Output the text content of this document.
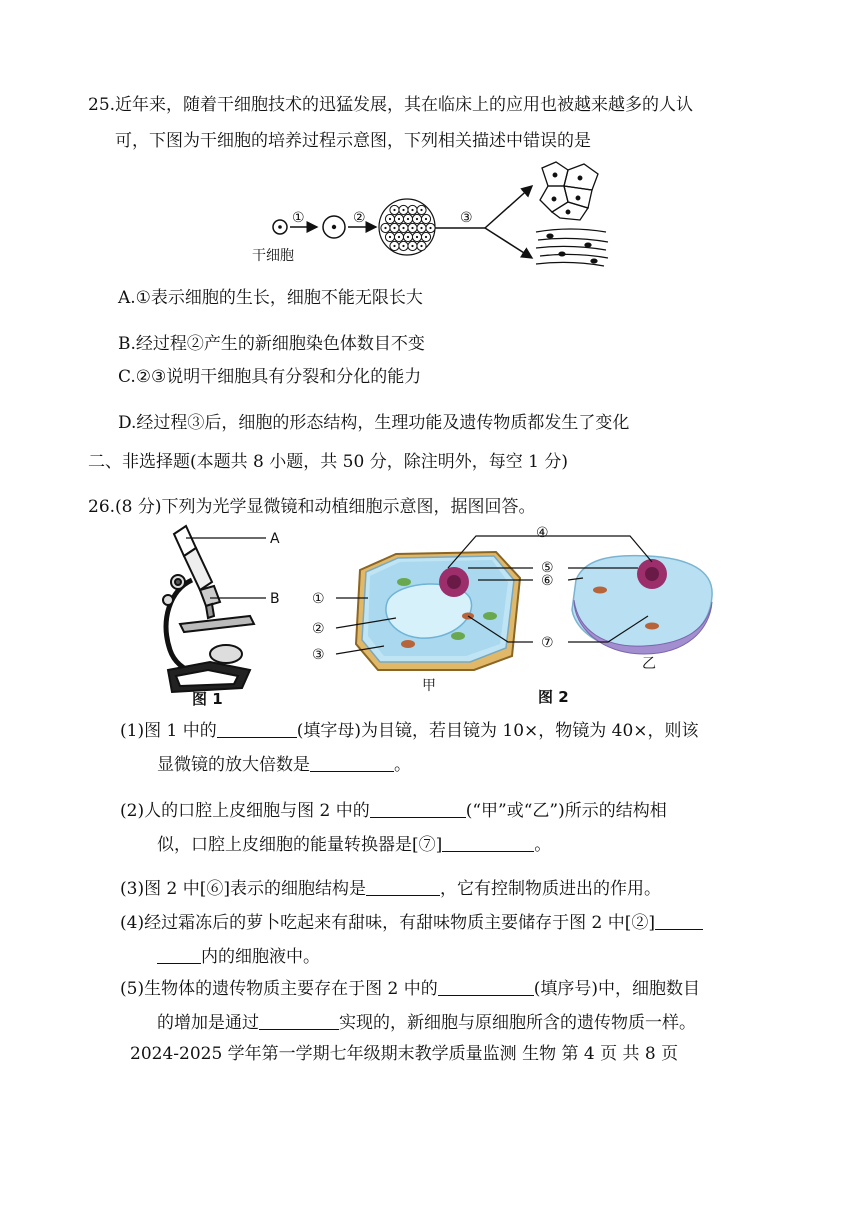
25.近年来，随着干细胞技术的迅猛发展，其在临床上的应用也被越来越多的人认
可，下图为干细胞的培养过程示意图，下列相关描述中错误的是
①	②	③
干细胞
A.①表示细胞的生长，细胞不能无限长大
B.经过程②产生的新细胞染色体数目不变
C.②③说明干细胞具有分裂和分化的能力
D.经过程③后，细胞的形态结构，生理功能及遗传物质都发生了变化
二、非选择题(本题共 8 小题，共 50 分，除注明外，每空 1 分)
26.(8 分)下列为光学显微镜和动植细胞示意图，据图回答。
A
B
图 1
④
⑤
⑥
①
②
③
⑦
甲
乙
图 2
(1)图 1 中的	(填字母)为目镜，若目镜为 10×，物镜为 40×，则该
显微镜的放大倍数是	。
(2)人的口腔上皮细胞与图 2 中的	(“甲”或“乙”)所示的结构相
似，口腔上皮细胞的能量转换器是[⑦]	。
(3)图 2 中[⑥]表示的细胞结构是	，它有控制物质进出的作用。
(4)经过霜冻后的萝卜吃起来有甜味，有甜味物质主要储存于图 2 中[②]
内的细胞液中。
(5)生物体的遗传物质主要存在于图 2 中的	(填序号)中，细胞数目
的增加是通过	实现的，新细胞与原细胞所含的遗传物质一样。
2024-2025 学年第一学期七年级期末教学质量监测 生物 第 4 页 共 8 页
